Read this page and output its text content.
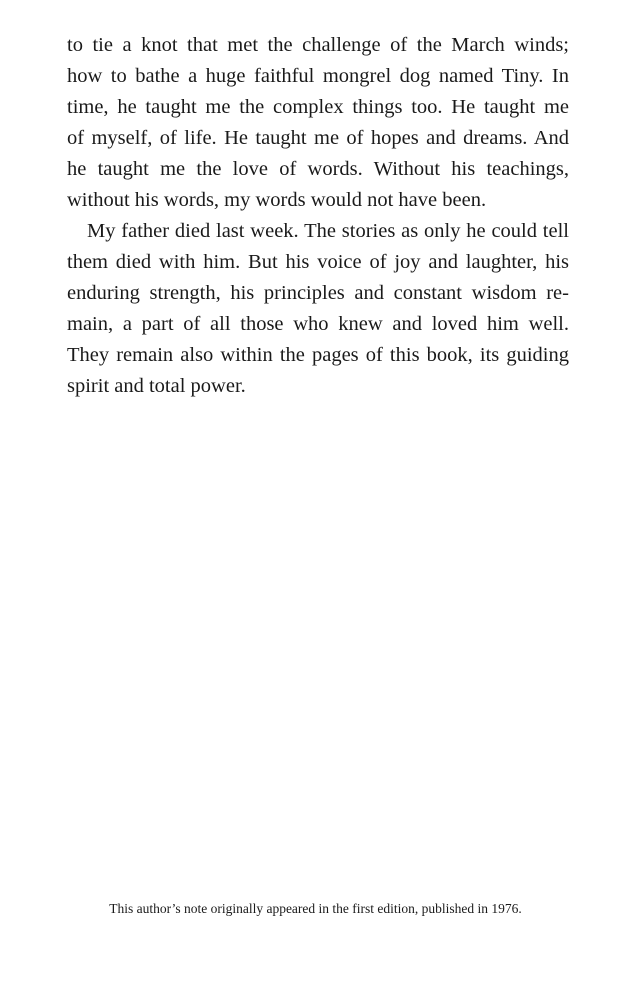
to tie a knot that met the challenge of the March winds;
how to bathe a huge faithful mongrel dog named Tiny. In
time, he taught me the complex things too. He taught me
of myself, of life. He taught me of hopes and dreams. And
he taught me the love of words. Without his teachings,
without his words, my words would not have been.
My father died last week. The stories as only he could tell
them died with him. But his voice of joy and laughter, his
enduring strength, his principles and constant wisdom re-
main, a part of all those who knew and loved him well.
They remain also within the pages of this book, its guiding
spirit and total power.
This author’s note originally appeared in the first edition, published in 1976.
